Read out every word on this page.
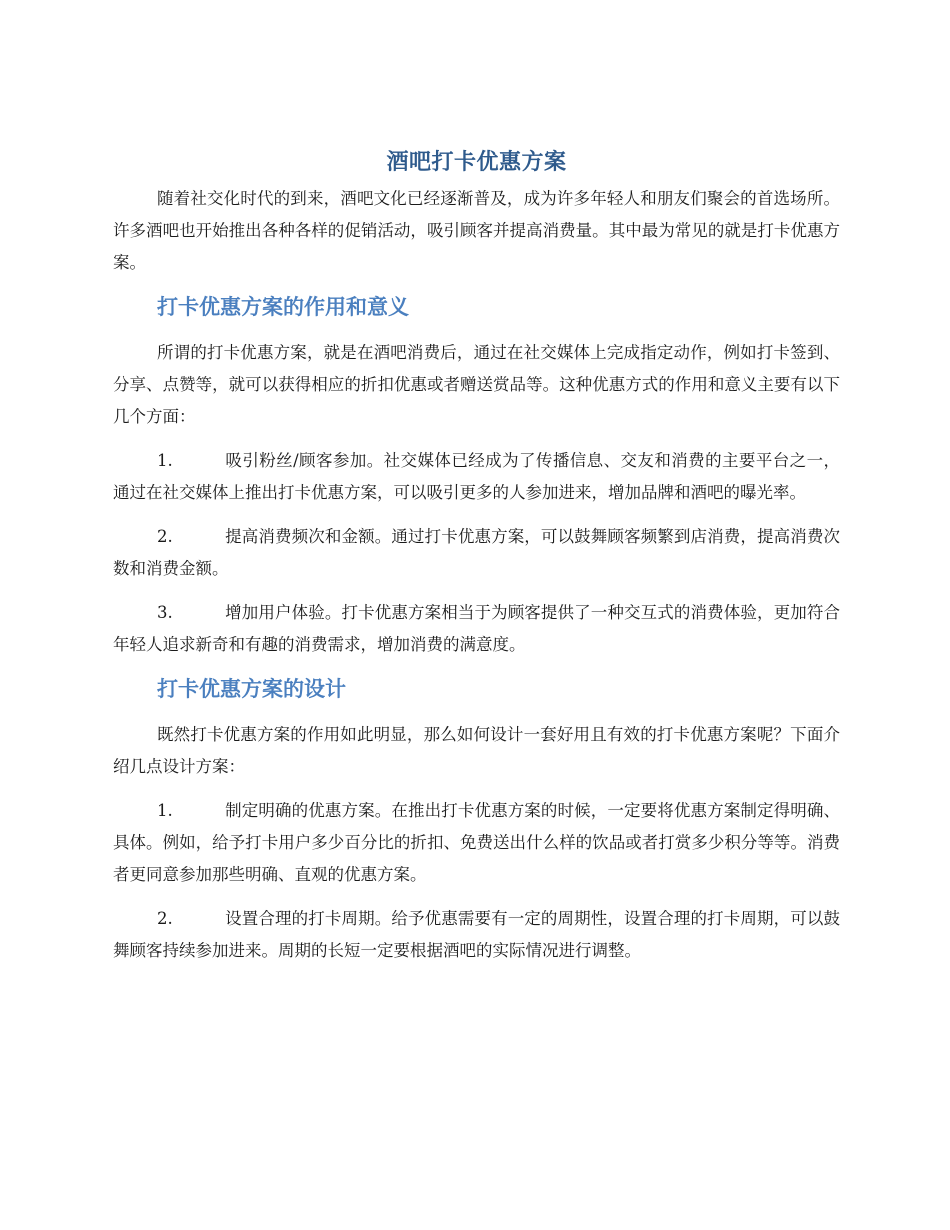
酒吧打卡优惠方案

随着社交化时代的到来，酒吧文化已经逐渐普及，成为许多年轻人和朋友们聚会的首选场所。许多酒吧也开始推出各种各样的促销活动，吸引顾客并提高消费量。其中最为常见的就是打卡优惠方案。

打卡优惠方案的作用和意义

所谓的打卡优惠方案，就是在酒吧消费后，通过在社交媒体上完成指定动作，例如打卡签到、分享、点赞等，就可以获得相应的折扣优惠或者赠送赏品等。这种优惠方式的作用和意义主要有以下几个方面：

1.	吸引粉丝/顾客参加。社交媒体已经成为了传播信息、交友和消费的主要平台之一，通过在社交媒体上推出打卡优惠方案，可以吸引更多的人参加进来，增加品牌和酒吧的曝光率。

2.	提高消费频次和金额。通过打卡优惠方案，可以鼓舞顾客频繁到店消费，提高消费次数和消费金额。

3.	增加用户体验。打卡优惠方案相当于为顾客提供了一种交互式的消费体验，更加符合年轻人追求新奇和有趣的消费需求，增加消费的满意度。

打卡优惠方案的设计

既然打卡优惠方案的作用如此明显，那么如何设计一套好用且有效的打卡优惠方案呢？下面介绍几点设计方案：

1.	制定明确的优惠方案。在推出打卡优惠方案的时候，一定要将优惠方案制定得明确、具体。例如，给予打卡用户多少百分比的折扣、免费送出什么样的饮品或者打赏多少积分等等。消费者更同意参加那些明确、直观的优惠方案。

2.	设置合理的打卡周期。给予优惠需要有一定的周期性，设置合理的打卡周期，可以鼓舞顾客持续参加进来。周期的长短一定要根据酒吧的实际情况进行调整。
